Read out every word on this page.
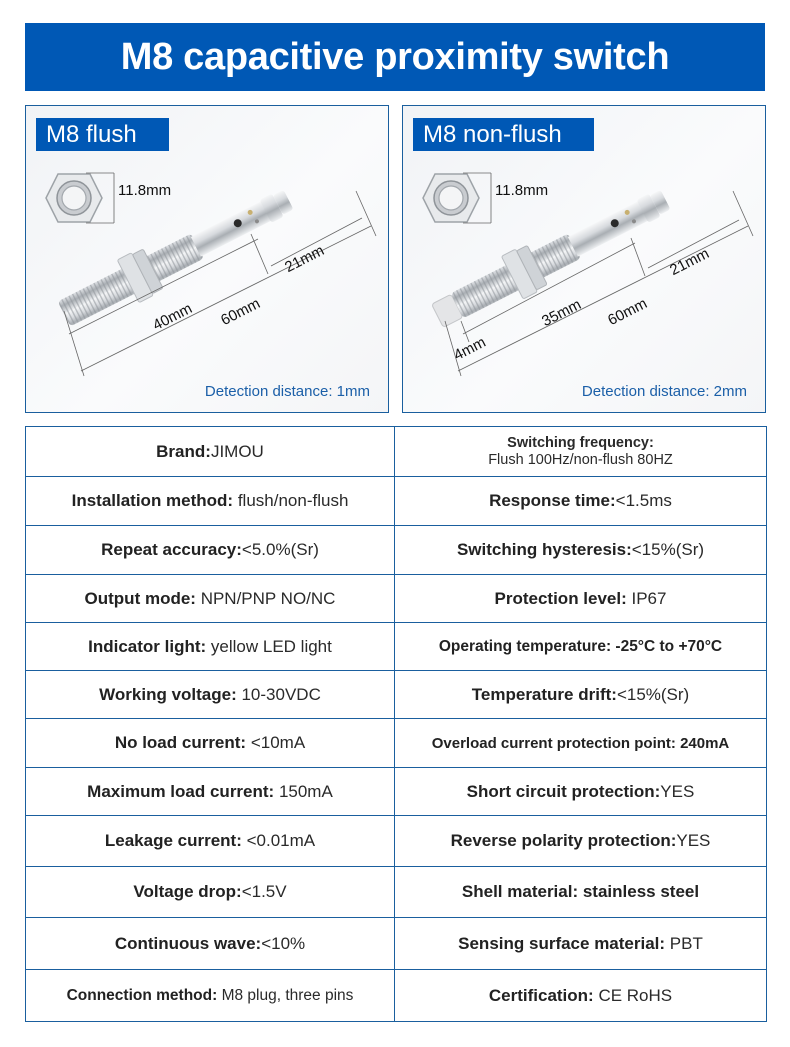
M8 capacitive proximity switch
11.8mm
40mm 60mm
21mm
M8 flush
Detection distance: 1mm
11.8mm
4mm
35mm 60mm
21mm
M8 non-flush
Detection distance: 2mm
Brand:JIMOU	Switching frequency:
Flush 100Hz/non-flush 80HZ

Installation method: flush/non-flush	Response time:<1.5ms
Repeat accuracy:<5.0%(Sr)	Switching hysteresis:<15%(Sr)
Output mode: NPN/PNP NO/NC	Protection level: IP67
Indicator light: yellow LED light	Operating temperature: -25°C to +70°C
Working voltage: 10-30VDC	Temperature drift:<15%(Sr)
No load current: <10mA	Overload current protection point: 240mA
Maximum load current: 150mA	Short circuit protection:YES
Leakage current: <0.01mA	Reverse polarity protection:YES
Voltage drop:<1.5V	Shell material: stainless steel
Continuous wave:<10%	Sensing surface material: PBT
Connection method: M8 plug, three pins	Certification: CE RoHS
